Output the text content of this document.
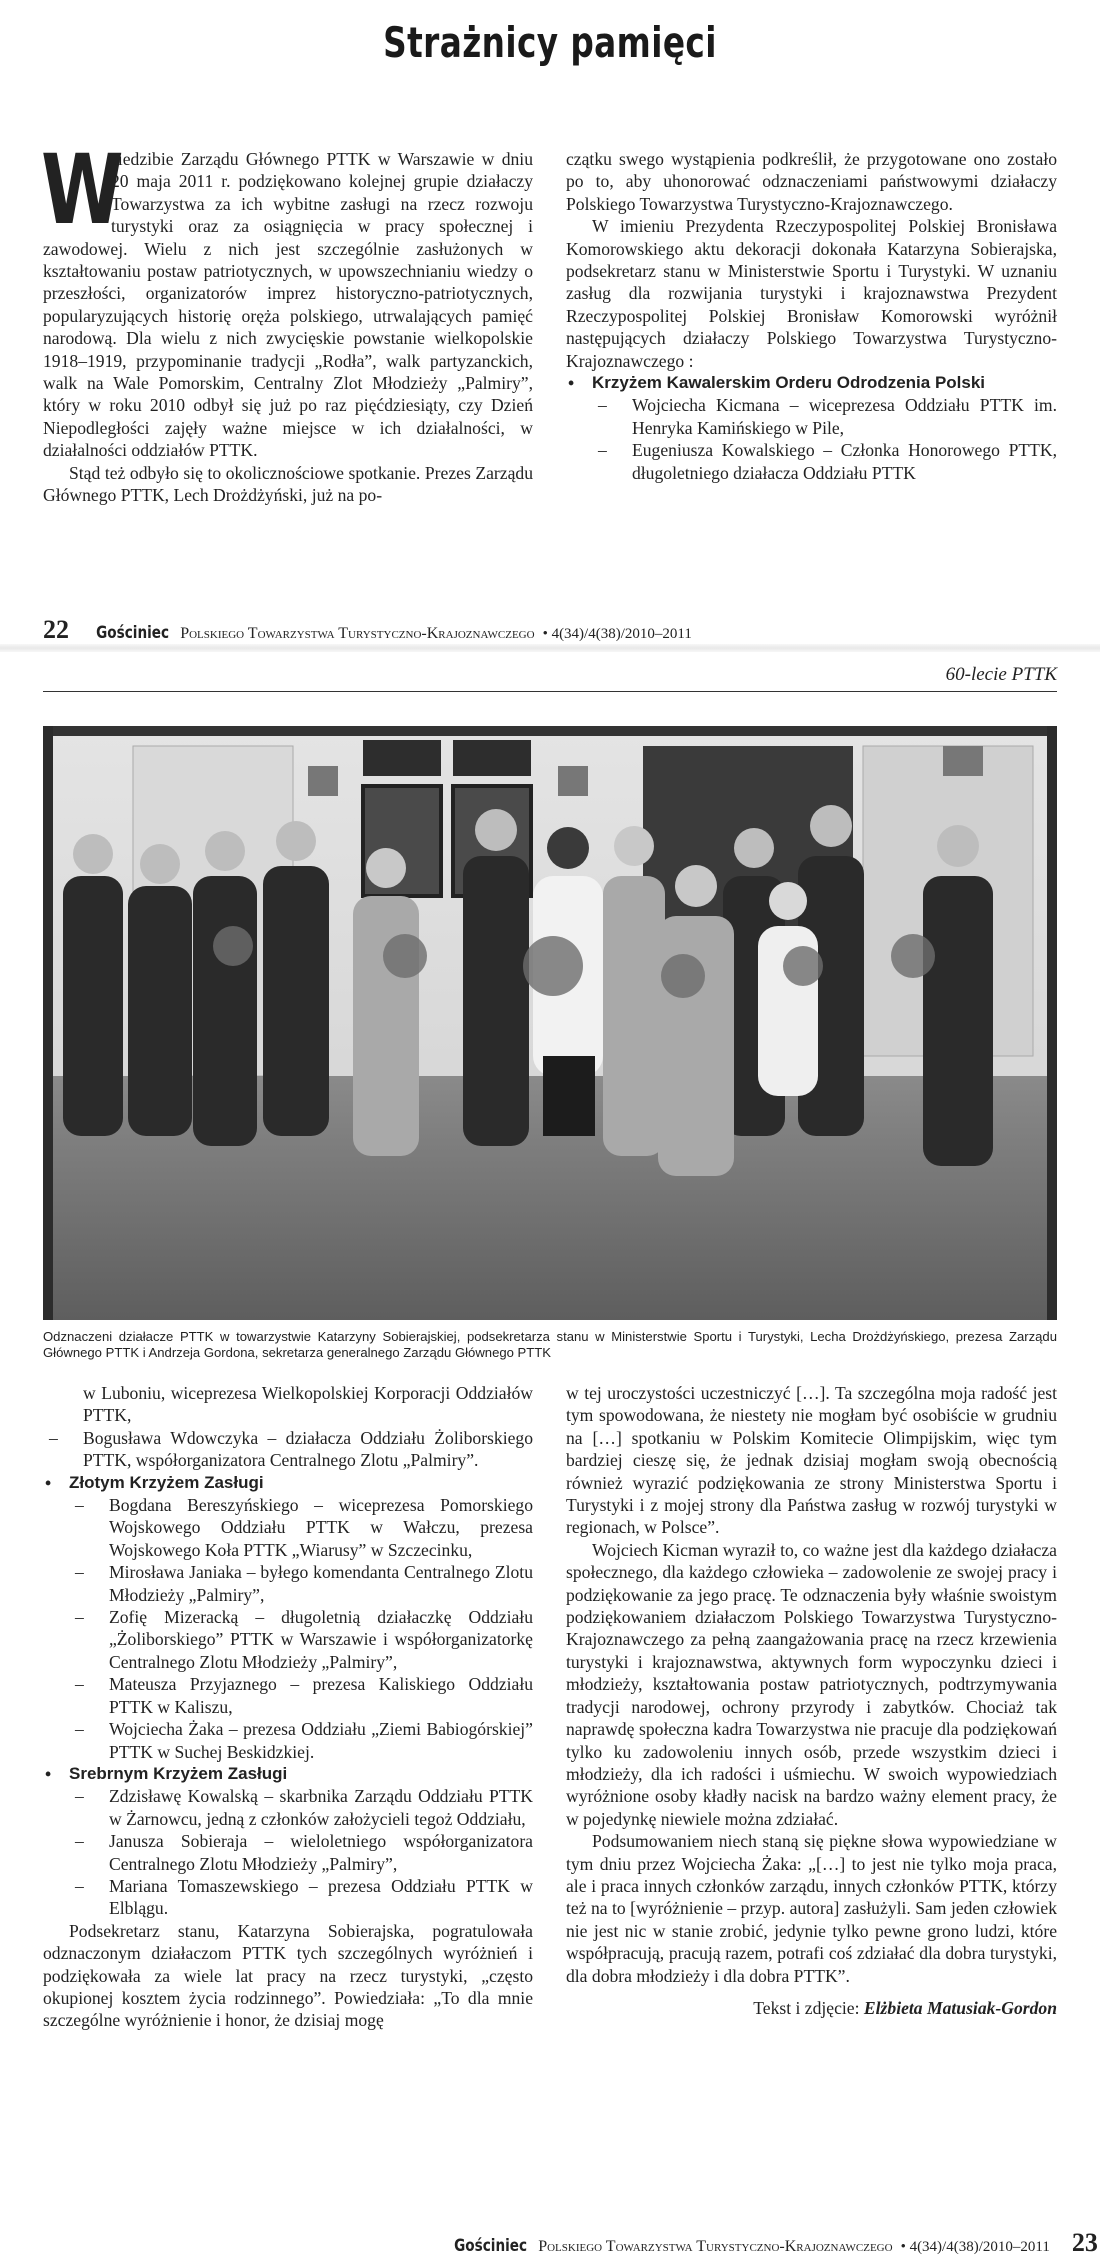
Strażnicy pamięci
W

siedzibie Zarządu Głównego PTTK w Warszawie w dniu 20 maja 2011 r. podziękowano kolejnej grupie działaczy Towarzystwa za ich wybitne zasługi na rzecz rozwoju turystyki oraz za osiągnięcia w pracy społecznej i zawodowej. Wielu z nich jest szczególnie zasłużonych w kształtowaniu postaw patriotycznych, w upowszechnianiu wiedzy o przeszłości, organizatorów imprez historyczno-patriotycznych, popularyzujących historię oręża polskiego, utrwalających pamięć narodową. Dla wielu z nich zwycięskie powstanie wielkopolskie 1918–1919, przypominanie tradycji „Rodła”, walk partyzanckich, walk na Wale Pomorskim, Centralny Zlot Młodzieży „Palmiry”, który w roku 2010 odbył się już po raz pięćdziesiąty, czy Dzień Niepodległości zajęły ważne miejsce w ich działalności, w działalności oddziałów PTTK.

Stąd też odbyło się to okolicznościowe spotkanie. Prezes Zarządu Głównego PTTK, Lech Drożdżyński, już na po-

czątku swego wystąpienia podkreślił, że przygotowane ono zostało po to, aby uhonorować odznaczeniami państwowymi działaczy Polskiego Towarzystwa Turystyczno-Krajoznawczego.

W imieniu Prezydenta Rzeczypospolitej Polskiej Bronisława Komorowskiego aktu dekoracji dokonała Katarzyna Sobierajska, podsekretarz stanu w Ministerstwie Sportu i Turystyki. W uznaniu zasług dla rozwijania turystyki i krajoznawstwa Prezydent Rzeczypospolitej Polskiej Bronisław Komorowski wyróżnił następujących działaczy Polskiego Towarzystwa Turystyczno-Krajoznawczego :

• Krzyżem Kawalerskim Orderu Odrodzenia Polski
– Wojciecha Kicmana – wiceprezesa Oddziału PTTK im. Henryka Kamińskiego w Pile,
– Eugeniusza Kowalskiego – Członka Honorowego PTTK, długoletniego działacza Oddziału PTTK
22 Gościniec Polskiego Towarzystwa Turystyczno-Krajoznawczego • 4(34)/4(38)/2010–2011
60-lecie PTTK
Odznaczeni działacze PTTK w towarzystwie Katarzyny Sobierajskiej, podsekretarza stanu w Ministerstwie Sportu i Turystyki, Lecha Drożdżyńskiego, prezesa Zarządu Głównego PTTK i Andrzeja Gordona, sekretarza generalnego Zarządu Głównego PTTK
w Luboniu, wiceprezesa Wielkopolskiej Korporacji Oddziałów PTTK,
– Bogusława Wdowczyka – działacza Oddziału Żoliborskiego PTTK, współorganizatora Centralnego Zlotu „Palmiry”.
• Złotym Krzyżem Zasługi
– Bogdana Bereszyńskiego – wiceprezesa Pomorskiego Wojskowego Oddziału PTTK w Wałczu, prezesa Wojskowego Koła PTTK „Wiarusy” w Szczecinku,
– Mirosława Janiaka – byłego komendanta Centralnego Zlotu Młodzieży „Palmiry”,
– Zofię Mizeracką – długoletnią działaczkę Oddziału „Żoliborskiego” PTTK w Warszawie i współorganizatorkę Centralnego Zlotu Młodzieży „Palmiry”,
– Mateusza Przyjaznego – prezesa Kaliskiego Oddziału PTTK w Kaliszu,
– Wojciecha Żaka – prezesa Oddziału „Ziemi Babiogórskiej” PTTK w Suchej Beskidzkiej.
• Srebrnym Krzyżem Zasługi
– Zdzisławę Kowalską – skarbnika Zarządu Oddziału PTTK w Żarnowcu, jedną z członków założycieli tegoż Oddziału,
– Janusza Sobieraja – wieloletniego współorganizatora Centralnego Zlotu Młodzieży „Palmiry”,
– Mariana Tomaszewskiego – prezesa Oddziału PTTK w Elblągu.

Podsekretarz stanu, Katarzyna Sobierajska, pogratulowała odznaczonym działaczom PTTK tych szczególnych wyróżnień i podziękowała za wiele lat pracy na rzecz turystyki, „często okupionej kosztem życia rodzinnego”. Powiedziała: „To dla mnie szczególne wyróżnienie i honor, że dzisiaj mogę

w tej uroczystości uczestniczyć […]. Ta szczególna moja radość jest tym spowodowana, że niestety nie mogłam być osobiście w grudniu na […] spotkaniu w Polskim Komitecie Olimpijskim, więc tym bardziej cieszę się, że jednak dzisiaj mogłam swoją obecnością również wyrazić podziękowania ze strony Ministerstwa Sportu i Turystyki i z mojej strony dla Państwa zasług w rozwój turystyki w regionach, w Polsce”.

Wojciech Kicman wyraził to, co ważne jest dla każdego działacza społecznego, dla każdego człowieka – zadowolenie ze swojej pracy i podziękowanie za jego pracę. Te odznaczenia były właśnie swoistym podziękowaniem działaczom Polskiego Towarzystwa Turystyczno-Krajoznawczego za pełną zaangażowania pracę na rzecz krzewienia turystyki i krajoznawstwa, aktywnych form wypoczynku dzieci i młodzieży, kształtowania postaw patriotycznych, podtrzymywania tradycji narodowej, ochrony przyrody i zabytków. Chociaż tak naprawdę społeczna kadra Towarzystwa nie pracuje dla podziękowań tylko ku zadowoleniu innych osób, przede wszystkim dzieci i młodzieży, dla ich radości i uśmiechu. W swoich wypowiedziach wyróżnione osoby kładły nacisk na bardzo ważny element pracy, że w pojedynkę niewiele można zdziałać.

Podsumowaniem niech staną się piękne słowa wypowiedziane w tym dniu przez Wojciecha Żaka: „[…] to jest nie tylko moja praca, ale i praca innych członków zarządu, innych członków PTTK, którzy też na to [wyróżnienie – przyp. autora] zasłużyli. Sam jeden człowiek nie jest nic w stanie zrobić, jedynie tylko pewne grono ludzi, które współpracują, pracują razem, potrafi coś zdziałać dla dobra turystyki, dla dobra młodzieży i dla dobra PTTK”.

Tekst i zdjęcie: Elżbieta Matusiak-Gordon

Gościniec Polskiego Towarzystwa Turystyczno-Krajoznawczego • 4(34)/4(38)/2010–2011 23
